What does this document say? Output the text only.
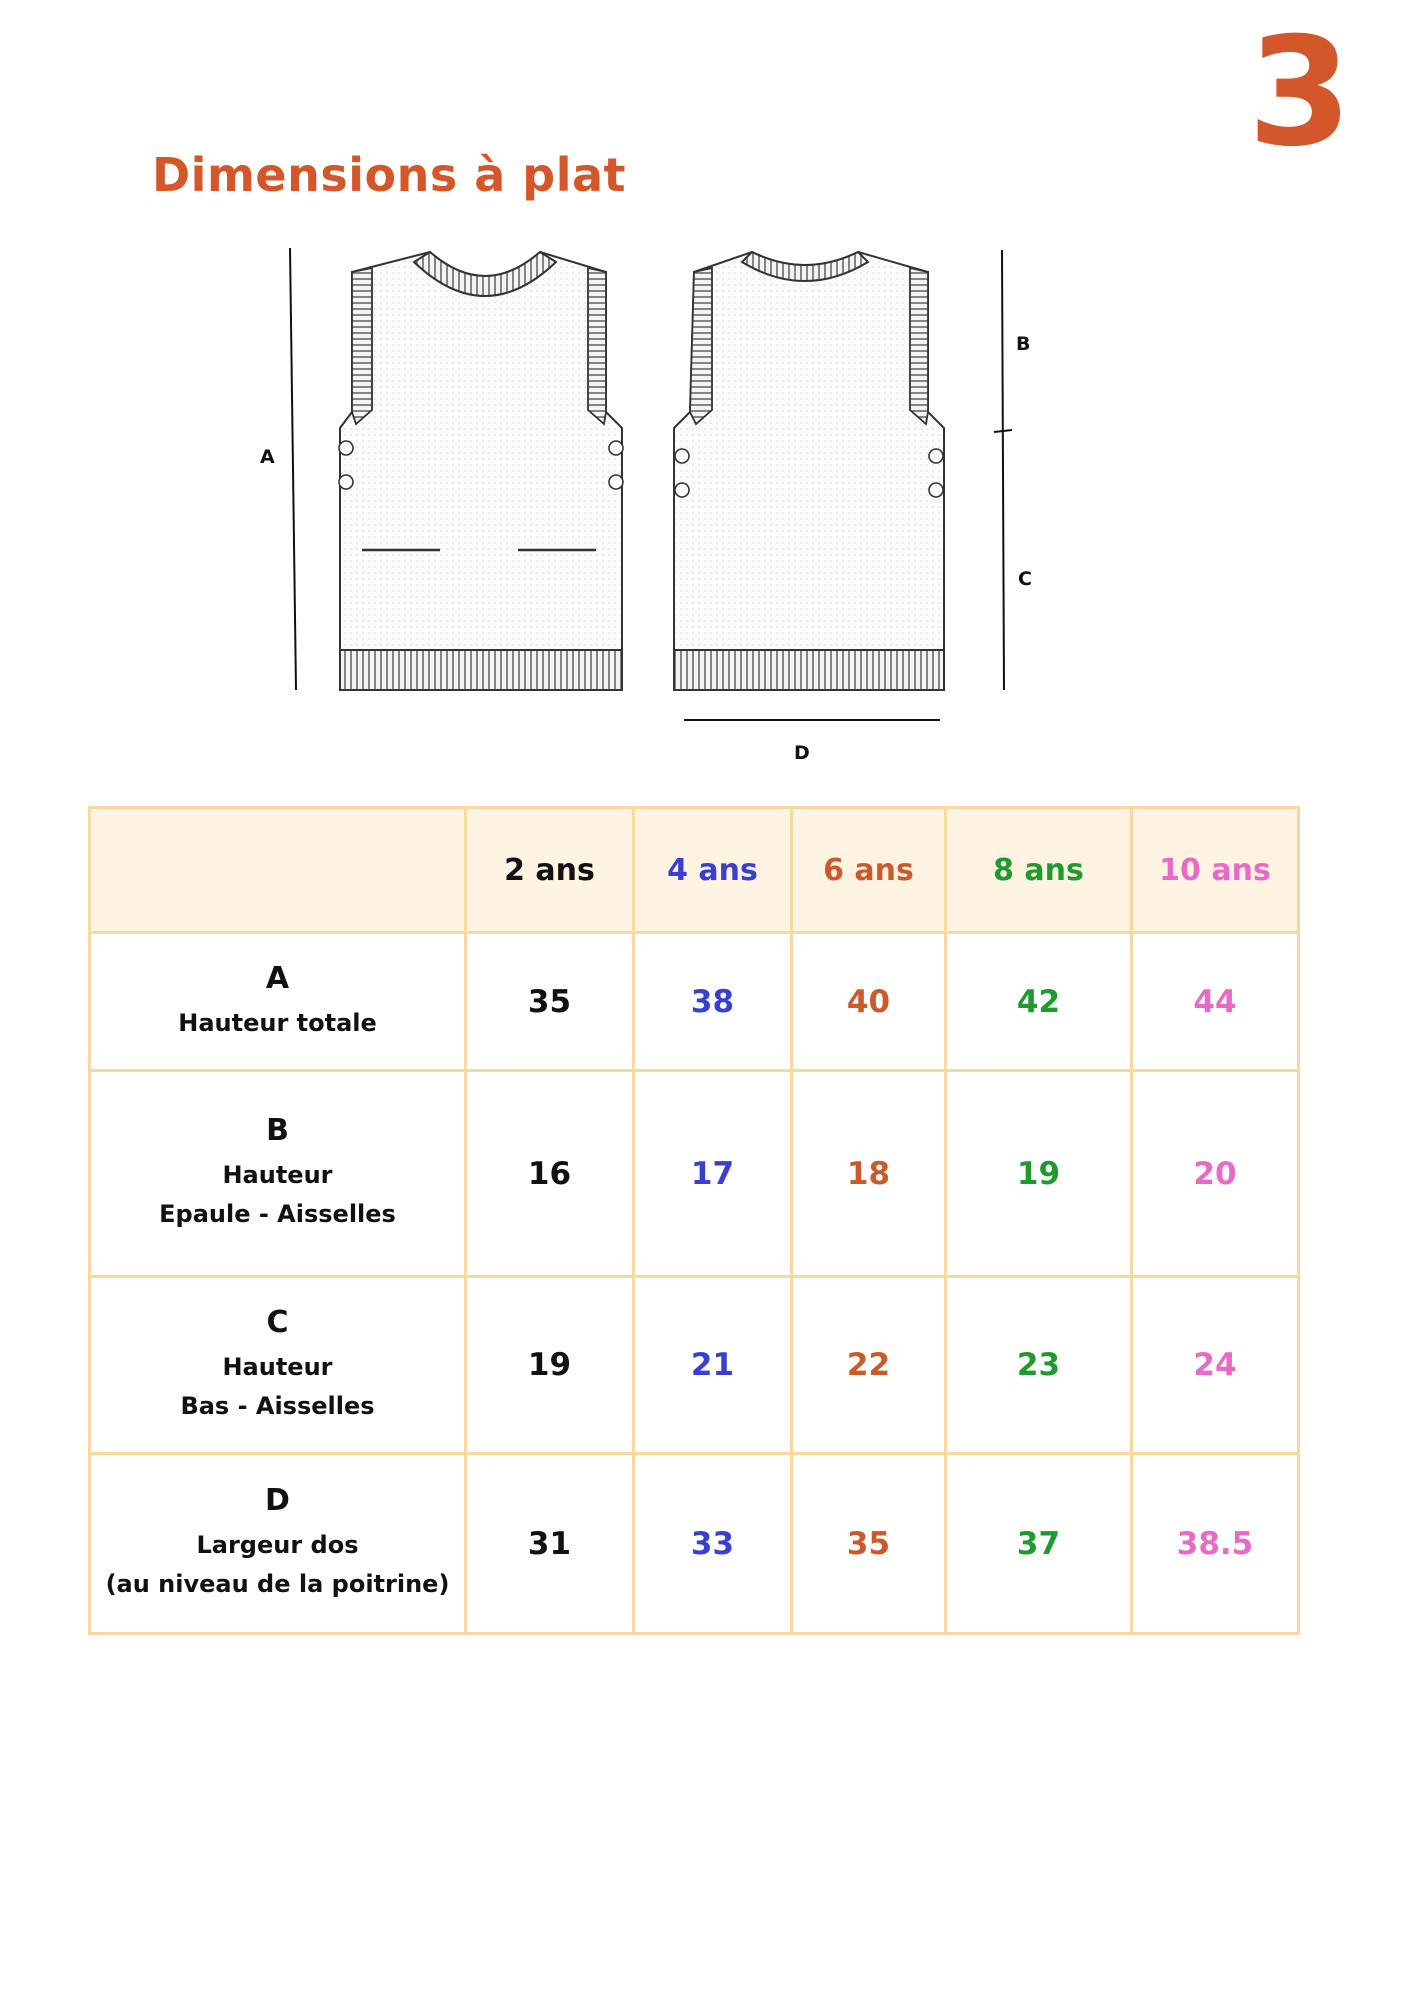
3
Dimensions à plat
A
B
C
D
	2 ans	4 ans	6 ans	8 ans	10 ans

A
Hauteur totale	35	38	40	42	44

B
Hauteur
Epaule - Aisselles	16	17	18	19	20

C
Hauteur
Bas - Aisselles	19	21	22	23	24

D
Largeur dos
(au niveau de la poitrine)	31	33	35	37	38.5
